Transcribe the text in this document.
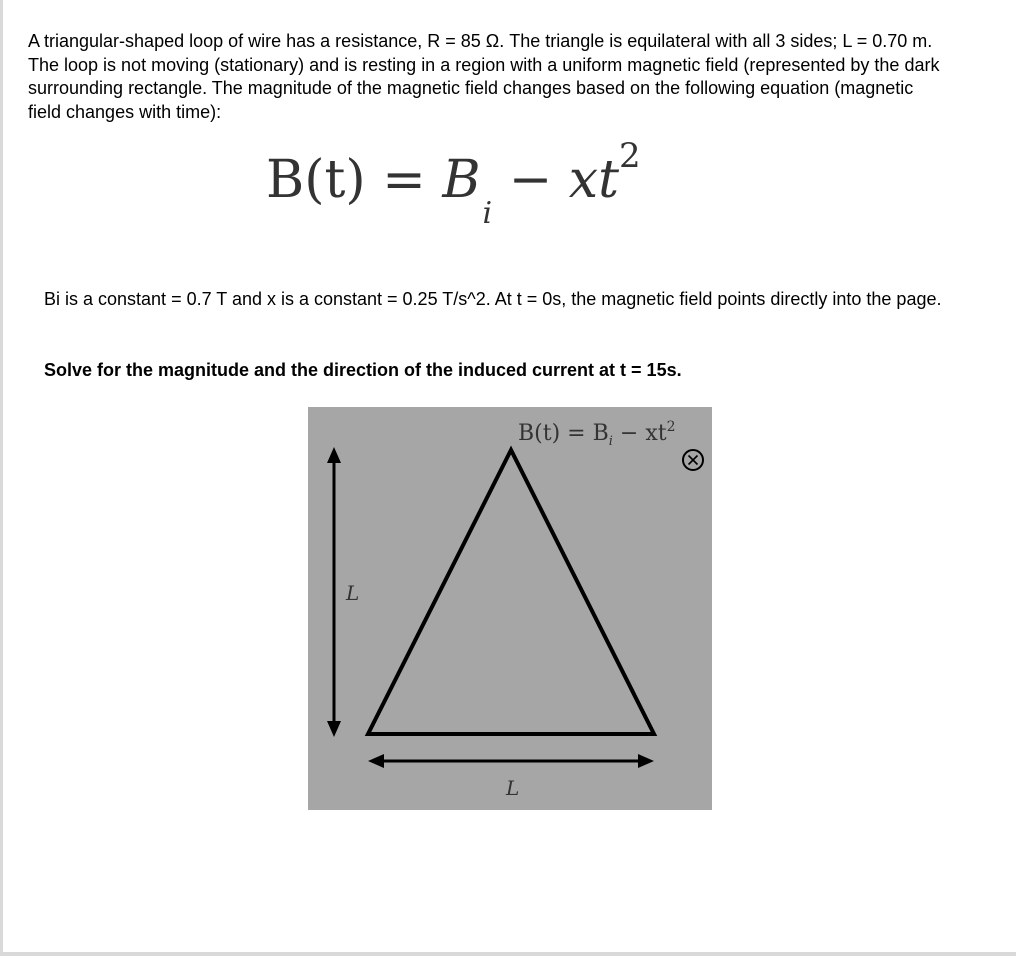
A triangular-shaped loop of wire has a resistance, R = 85 Ω. The triangle is equilateral with all 3 sides; L = 0.70 m. The loop is not moving (stationary) and is resting in a region with a uniform magnetic field (represented by the dark surrounding rectangle. The magnitude of the magnetic field changes based on the following equation (magnetic field changes with time):
$B(t) = B_i - xt^2$
Bi is a constant = 0.7 T and x is a constant = 0.25 T/s^2. At t = 0s, the magnetic field points directly into the page.
Solve for the magnitude and the direction of the induced current at t = 15s.
$B(t) = B_i - xt^2$
L
L
